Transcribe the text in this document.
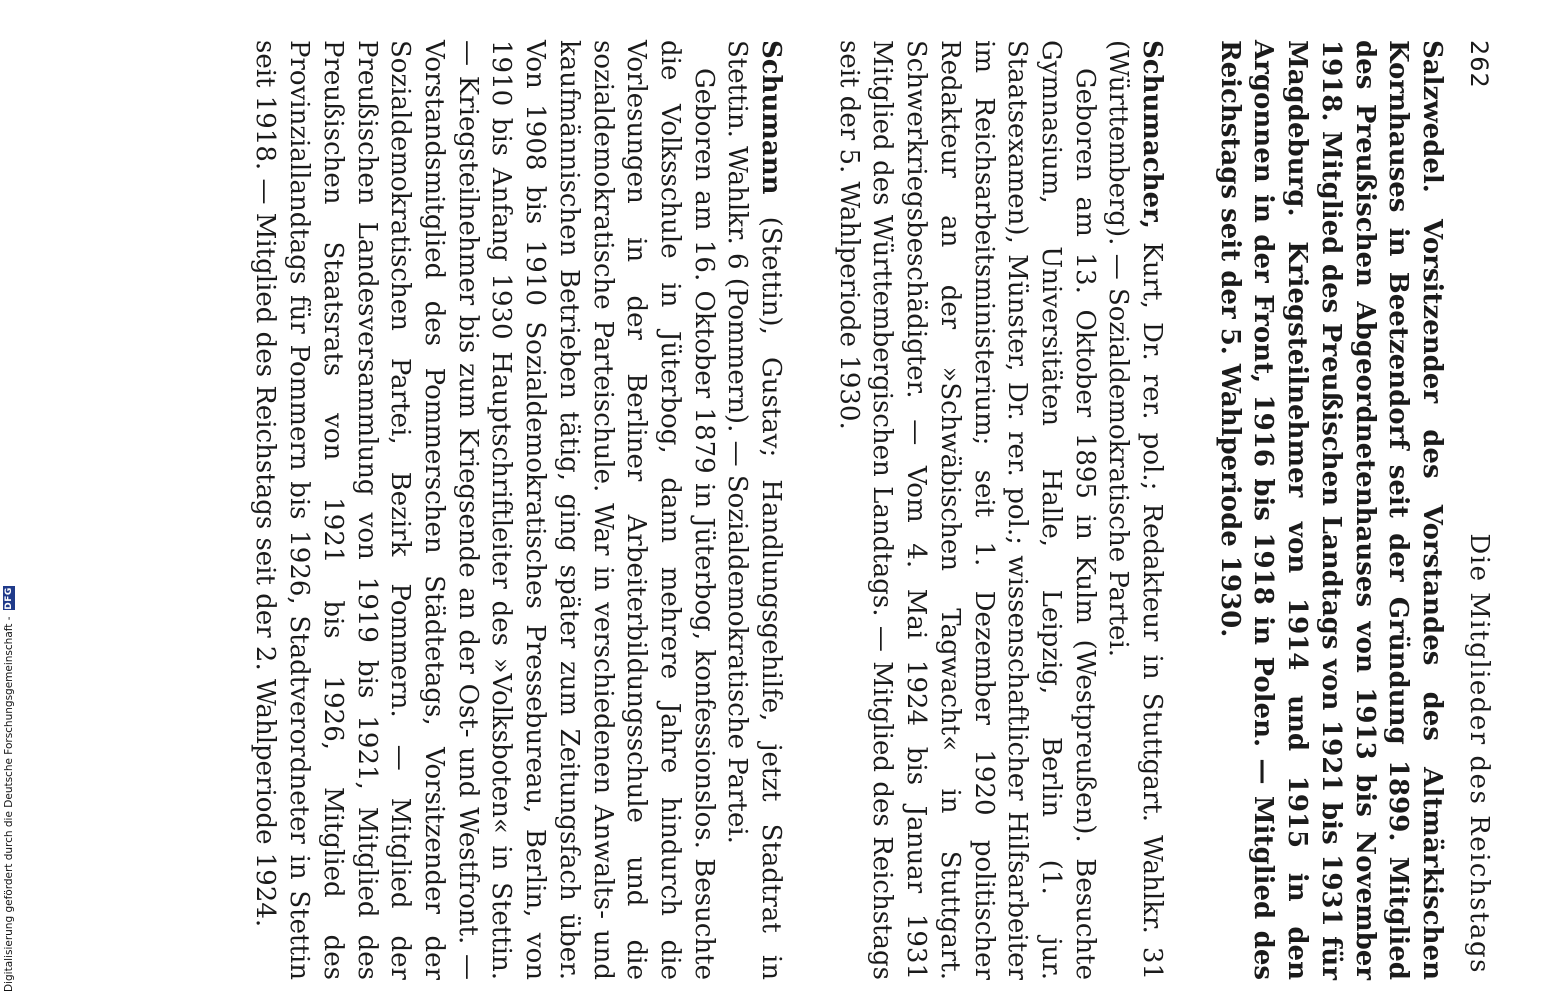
262
Die Mitglieder des Reichstags

Salzwedel. Vorsitzender des Vorstandes des Altmärkischen Kornhauses in Beetzendorf seit der Gründung 1899. Mitglied des Preußischen Abgeordnetenhauses von 1913 bis November 1918. Mitglied des Preußischen Landtags von 1921 bis 1931 für Magdeburg. Kriegsteilnehmer von 1914 und 1915 in den Argonnen in der Front, 1916 bis 1918 in Polen. — Mitglied des Reichstags seit der 5. Wahlperiode 1930.

Schumacher, Kurt, Dr. rer. pol.; Redakteur in Stuttgart. Wahlkr. 31 (Württemberg). — Sozialdemokratische Partei.
Geboren am 13. Oktober 1895 in Kulm (Westpreußen). Besuchte Gymnasium, Universitäten Halle, Leipzig, Berlin (1. jur. Staatsexamen), Münster, Dr. rer. pol.; wissenschaftlicher Hilfsarbeiter im Reichsarbeitsministerium; seit 1. Dezember 1920 politischer Redakteur an der »Schwäbischen Tagwacht« in Stuttgart. Schwerkriegsbeschädigter. — Vom 4. Mai 1924 bis Januar 1931 Mitglied des Württembergischen Landtags. — Mitglied des Reichstags seit der 5. Wahlperiode 1930.
Schumann (Stettin), Gustav; Handlungsgehilfe, jetzt Stadtrat in Stettin. Wahlkr. 6 (Pommern). — Sozialdemokratische Partei.
Geboren am 16. Oktober 1879 in Jüterbog, konfessionslos. Besuchte die Volksschule in Jüterbog, dann mehrere Jahre hindurch die Vorlesungen in der Berliner Arbeiterbildungsschule und die sozialdemokratische Parteischule. War in verschiedenen Anwalts- und kaufmännischen Betrieben tätig, ging später zum Zeitungsfach über. Von 1908 bis 1910 Sozialdemokratisches Pressebureau, Berlin, von 1910 bis Anfang 1930 Hauptschriftleiter des »Volksboten« in Stettin. — Kriegsteilnehmer bis zum Kriegsende an der Ost- und Westfront. — Vorstandsmitglied des Pommerschen Städtetags, Vorsitzender der Sozialdemokratischen Partei, Bezirk Pommern. — Mitglied der Preußischen Landesversammlung von 1919 bis 1921, Mitglied des Preußischen Staatsrats von 1921 bis 1926, Mitglied des Provinziallandtags für Pommern bis 1926, Stadtverordneter in Stettin seit 1918. — Mitglied des Reichstags seit der 2. Wahlperiode 1924.
Digitalisierung gefördert durch die Deutsche Forschungsgemeinschaft -
DFG
